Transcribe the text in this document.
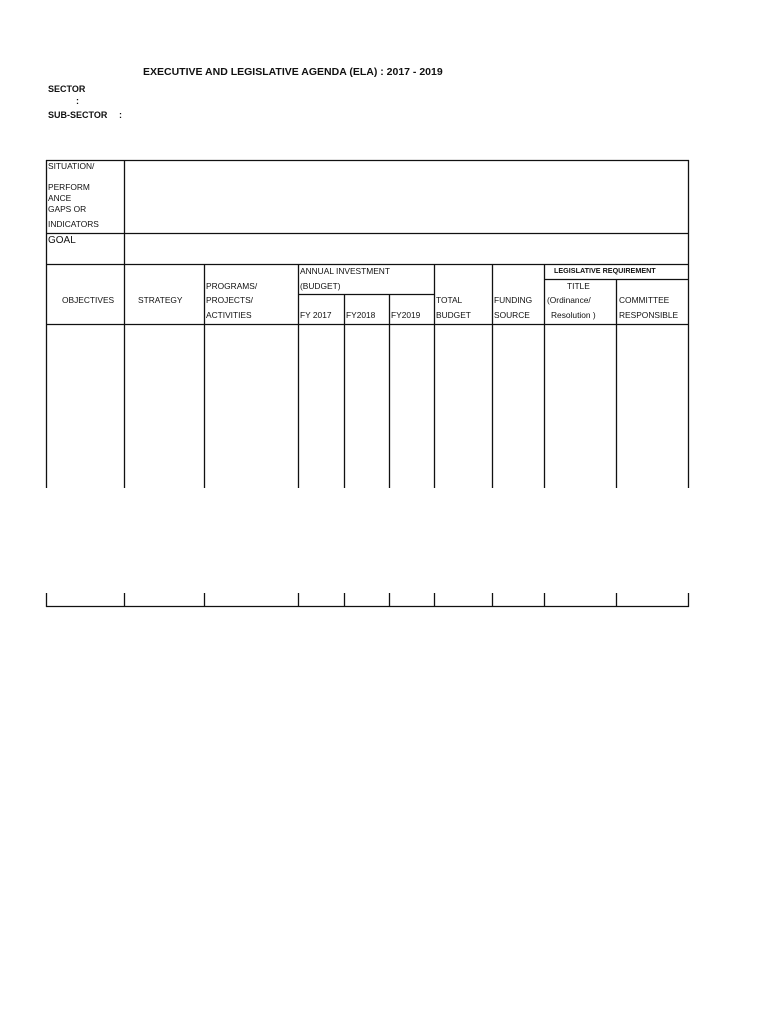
EXECUTIVE AND LEGISLATIVE AGENDA (ELA) : 2017 - 2019
SECTOR
:
SUB-SECTOR :
SITUATION/
PERFORM
ANCE
GAPS OR
INDICATORS
GOAL
OBJECTIVES	STRATEGY
PROGRAMS/
PROJECTS/
ACTIVITIES
ANNUAL INVESTMENT
(BUDGET)
FY 2017 FY2018 FY2019
TOTAL
BUDGET
FUNDING
SOURCE
LEGISLATIVE REQUIREMENT
TITLE
(Ordinance/
Resolution )
COMMITTEE
RESPONSIBLE
